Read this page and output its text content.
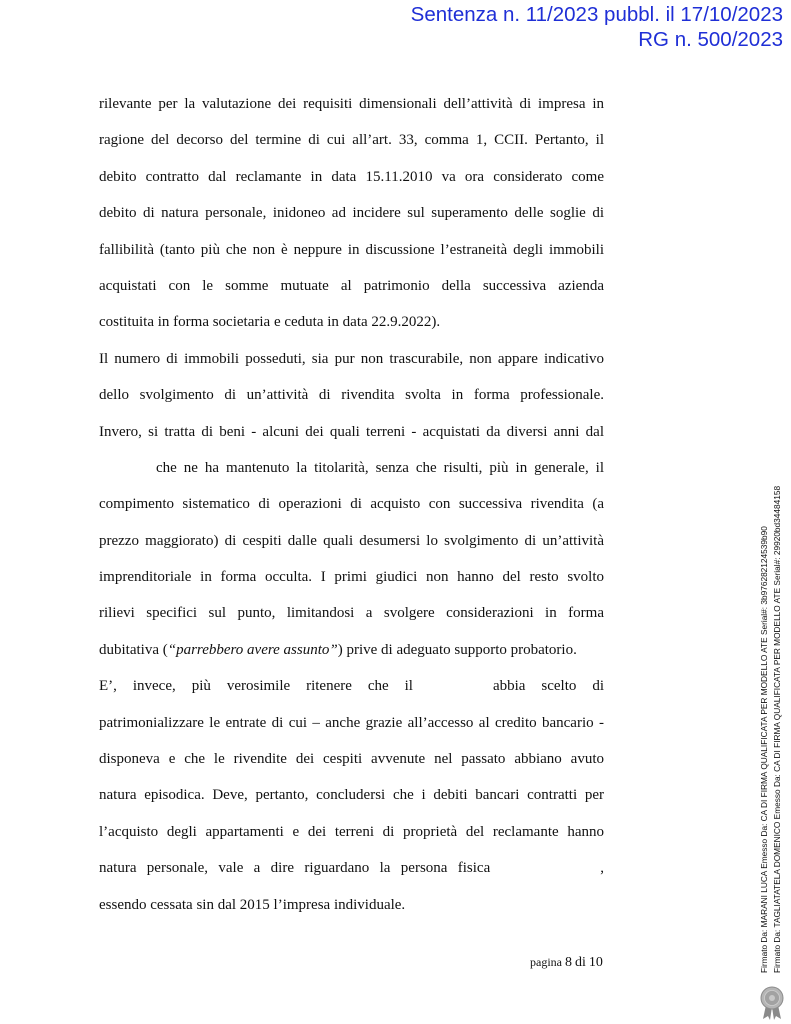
Sentenza n. 11/2023 pubbl. il 17/10/2023
RG n. 500/2023
rilevante per la valutazione dei requisiti dimensionali dell’attività di impresa in
ragione del decorso del termine di cui all’art. 33, comma 1, CCII. Pertanto, il
debito contratto dal reclamante in data 15.11.2010 va ora considerato come
debito di natura personale, inidoneo ad incidere sul superamento delle soglie di
fallibilità (tanto più che non è neppure in discussione l’estraneità degli immobili
acquistati con le somme mutuate al patrimonio della successiva azienda
costituita in forma societaria e ceduta in data 22.9.2022).
Il numero di immobili posseduti, sia pur non trascurabile, non appare indicativo
dello svolgimento di un’attività di rivendita svolta in forma professionale.
Invero, si tratta di beni - alcuni dei quali terreni - acquistati da diversi anni dal
che ne ha mantenuto la titolarità, senza che risulti, più in generale, il
compimento sistematico di operazioni di acquisto con successiva rivendita (a
prezzo maggiorato) di cespiti dalle quali desumersi lo svolgimento di un’attività
imprenditoriale in forma occulta. I primi giudici non hanno del resto svolto
rilievi specifici sul punto, limitandosi a svolgere considerazioni in forma
dubitativa (“parrebbero avere assunto”) prive di adeguato supporto probatorio.
E’, invece, più verosimile ritenere che il	abbia scelto di
patrimonializzare le entrate di cui – anche grazie all’accesso al credito bancario -
disponeva e che le rivendite dei cespiti avvenute nel passato abbiano avuto
natura episodica. Deve, pertanto, concludersi che i debiti bancari contratti per
l’acquisto degli appartamenti e dei terreni di proprietà del reclamante hanno
natura personale, vale a dire riguardano la persona fisica	,
essendo cessata sin dal 2015 l’impresa individuale.
pagina 8 di 10	Firmato Da: MARANI LUCA Emesso Da: CA DI FIRMA QUALIFICATA PER MODELLO ATE Serial#: 3b976282124539b90 Firmato Da: TAGLIATATELA DOMENICO Emesso Da: CA DI FIRMA QUALIFICATA PER MODELLO ATE Serial#: 29920bd34484158
